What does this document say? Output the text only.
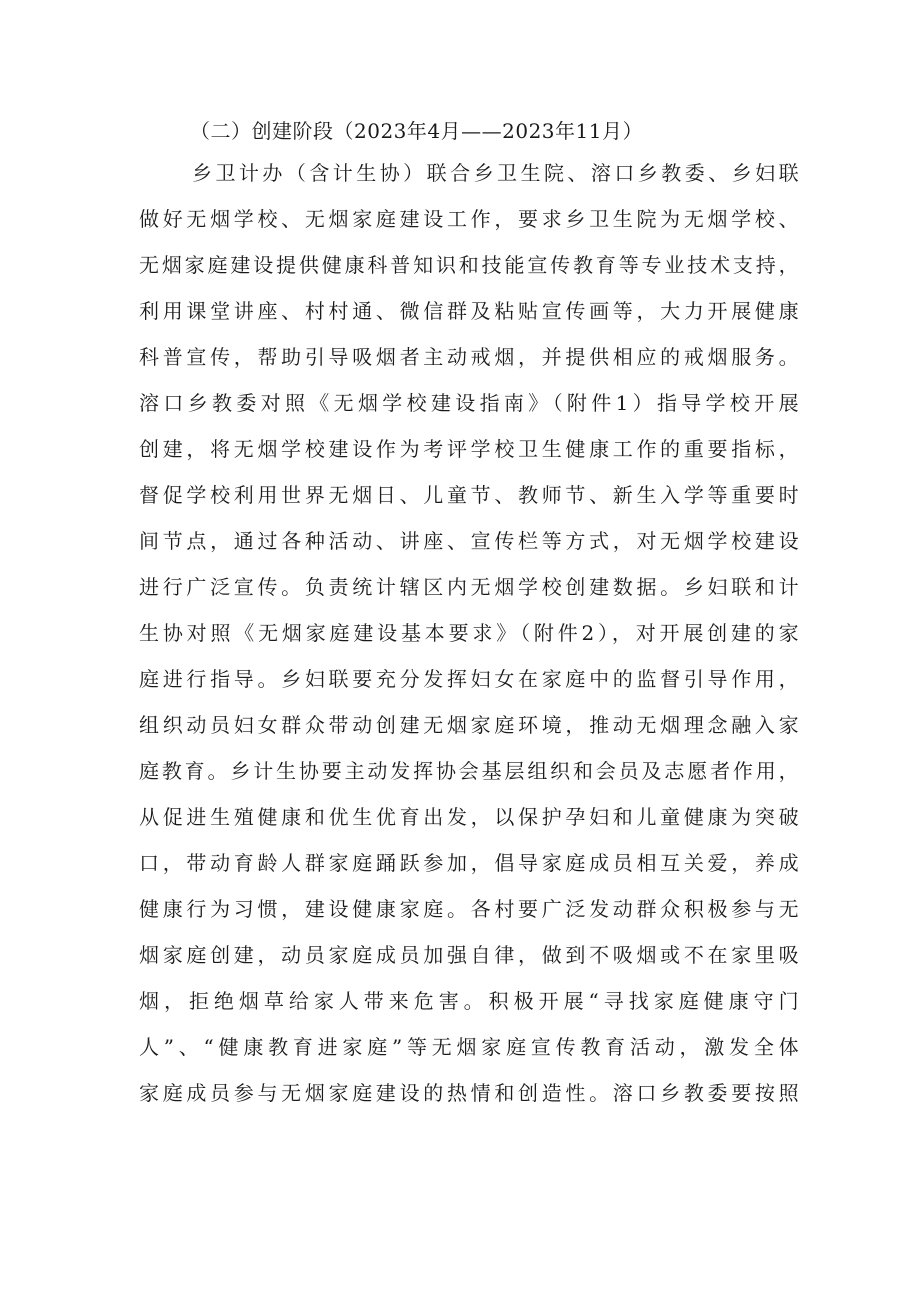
（二）创建阶段（2023年4月——2023年11月）
乡卫计办（含计生协）联合乡卫生院、溶口乡教委、乡妇联
做好无烟学校、无烟家庭建设工作，要求乡卫生院为无烟学校、
无烟家庭建设提供健康科普知识和技能宣传教育等专业技术支持，
利用课堂讲座、村村通、微信群及粘贴宣传画等，大力开展健康
科普宣传，帮助引导吸烟者主动戒烟，并提供相应的戒烟服务。
溶口乡教委对照《无烟学校建设指南》（附件1）指导学校开展
创建，将无烟学校建设作为考评学校卫生健康工作的重要指标，
督促学校利用世界无烟日、儿童节、教师节、新生入学等重要时
间节点，通过各种活动、讲座、宣传栏等方式，对无烟学校建设
进行广泛宣传。负责统计辖区内无烟学校创建数据。乡妇联和计
生协对照《无烟家庭建设基本要求》（附件2），对开展创建的家
庭进行指导。乡妇联要充分发挥妇女在家庭中的监督引导作用，
组织动员妇女群众带动创建无烟家庭环境，推动无烟理念融入家
庭教育。乡计生协要主动发挥协会基层组织和会员及志愿者作用，
从促进生殖健康和优生优育出发，以保护孕妇和儿童健康为突破
口，带动育龄人群家庭踊跃参加，倡导家庭成员相互关爱，养成
健康行为习惯，建设健康家庭。各村要广泛发动群众积极参与无
烟家庭创建，动员家庭成员加强自律，做到不吸烟或不在家里吸
烟，拒绝烟草给家人带来危害。积极开展“寻找家庭健康守门
人”、“健康教育进家庭”等无烟家庭宣传教育活动，激发全体
家庭成员参与无烟家庭建设的热情和创造性。溶口乡教委要按照
